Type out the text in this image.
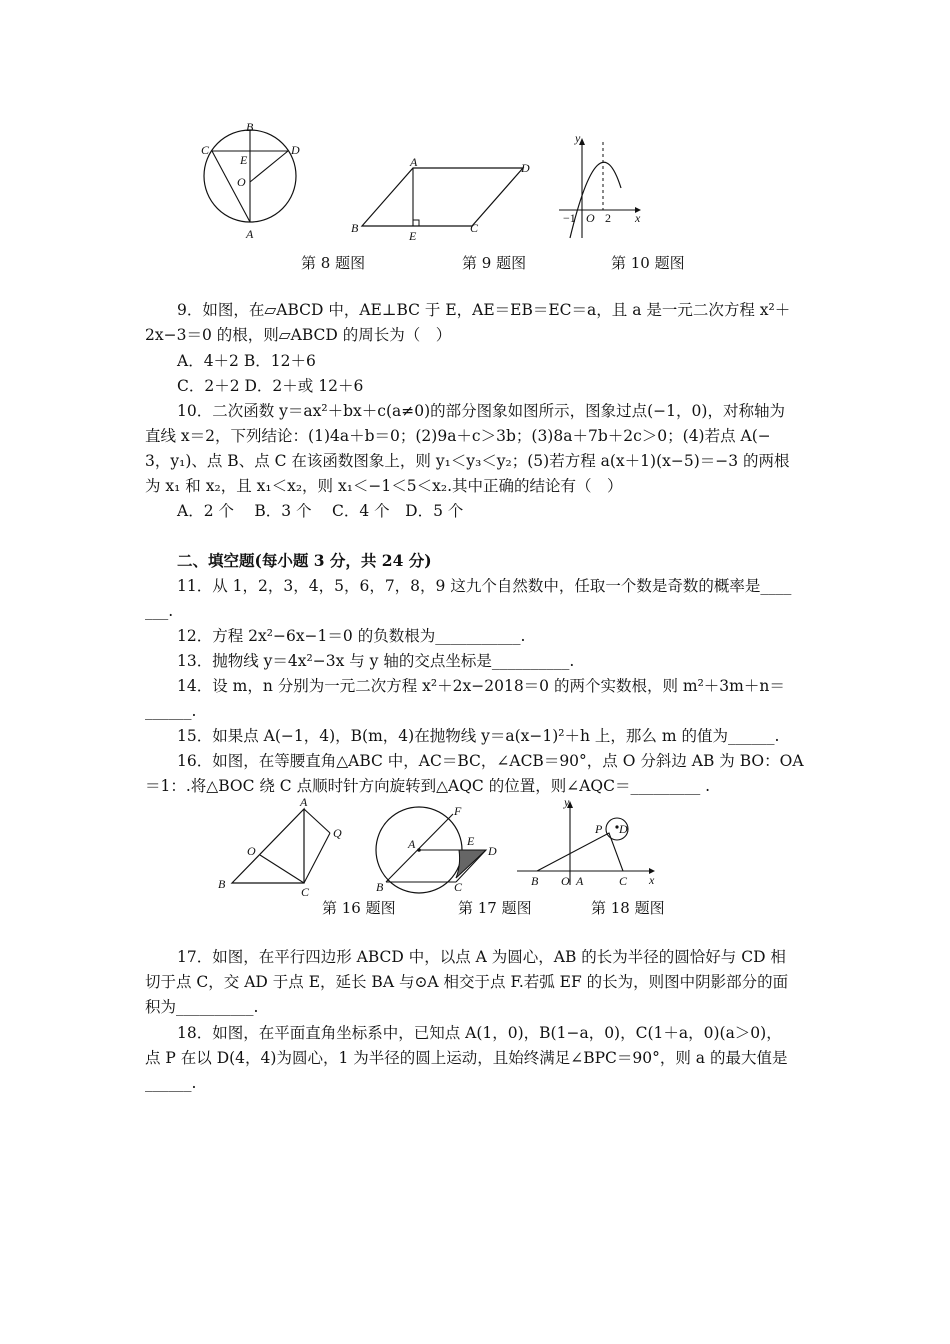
B
C	D
E
O
A
A	D
B
E
C
y
x
−1 O 2
第 8 题图	第 9 题图	第 10 题图
9．如图，在▱ABCD 中，AE⊥BC 于 E，AE＝EB＝EC＝a，且 a 是一元二次方程 x²＋
2x−3＝0 的根，则▱ABCD 的周长为（　）
A．4＋2 B．12＋6
C．2＋2 D．2＋或 12＋6
10．二次函数 y＝ax²＋bx＋c(a≠0)的部分图象如图所示，图象过点(−1，0)，对称轴为
直线 x＝2，下列结论：(1)4a＋b＝0；(2)9a＋c＞3b；(3)8a＋7b＋2c＞0；(4)若点 A(−
3，y₁)、点 B、点 C 在该函数图象上，则 y₁＜y₃＜y₂；(5)若方程 a(x＋1)(x−5)＝−3 的两根
为 x₁ 和 x₂，且 x₁＜x₂，则 x₁＜−1＜5＜x₂.其中正确的结论有（　）
A．2 个　 B．3 个　 C．4 个　D．5 个
二、填空题(每小题 3 分，共 24 分)
11．从 1，2，3，4，5，6，7，8，9 这九个自然数中，任取一个数是奇数的概率是____
___.
12．方程 2x²−6x−1＝0 的负数根为___________.
13．抛物线 y＝4x²−3x 与 y 轴的交点坐标是__________.
14．设 m，n 分别为一元二次方程 x²＋2x−2018＝0 的两个实数根，则 m²＋3m＋n＝
______.
15．如果点 A(−1，4)，B(m，4)在抛物线 y＝a(x−1)²＋h 上，那么 m 的值为______.
16．如图，在等腰直角△ABC 中，AC＝BC，∠ACB＝90°，点 O 分斜边 AB 为 BO：OA
＝1：.将△BOC 绕 C 点顺时针方向旋转到△AQC 的位置，则∠AQC＝_________ .
A
Q
O
B
C
F
A	E
D
B	C
y
P D
B O A	C x
第 16 题图	第 17 题图	第 18 题图
17．如图，在平行四边形 ABCD 中，以点 A 为圆心，AB 的长为半径的圆恰好与 CD 相
切于点 C，交 AD 于点 E，延长 BA 与⊙A 相交于点 F.若弧 EF 的长为，则图中阴影部分的面
积为__________.
18．如图，在平面直角坐标系中，已知点 A(1，0)，B(1−a，0)，C(1＋a，0)(a＞0)，
点 P 在以 D(4，4)为圆心，1 为半径的圆上运动，且始终满足∠BPC＝90°，则 a 的最大值是
______.
